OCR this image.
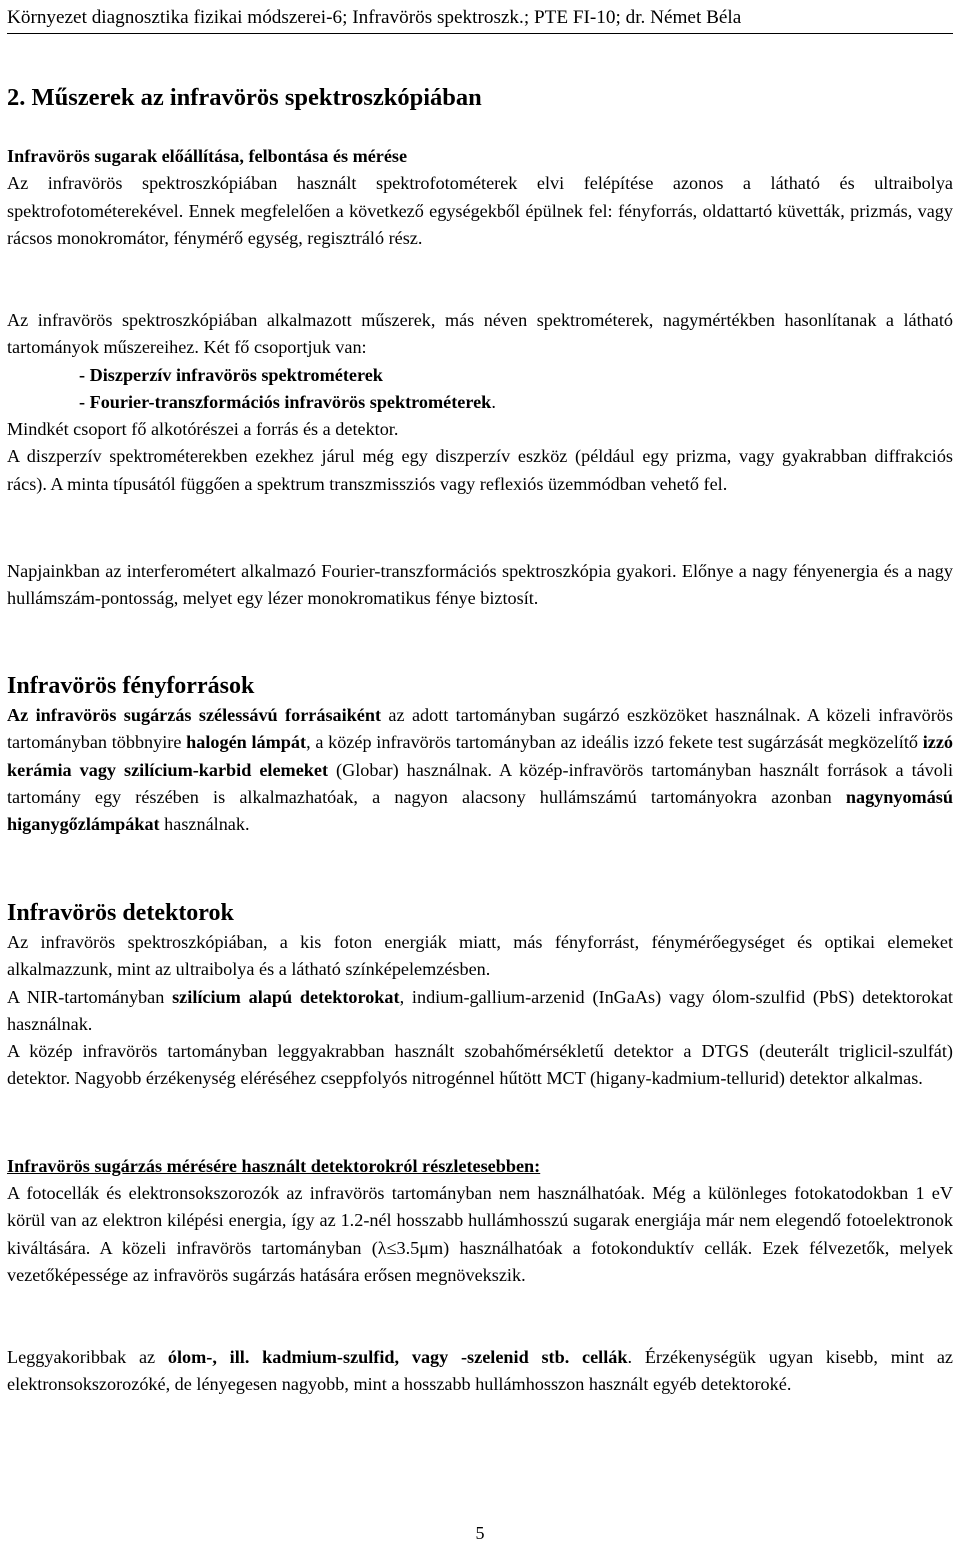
Környezet diagnosztika fizikai módszerei-6; Infravörös spektroszk.; PTE FI-10; dr. Német Béla
2. Műszerek az infravörös spektroszkópiában

Infravörös sugarak előállítása, felbontása és mérése

Az infravörös spektroszkópiában használt spektrofotométerek elvi felépítése azonos a látható és ultraibolya spektrofotométerekével. Ennek megfelelően a következő egységekből épülnek fel: fényforrás, oldattartó küvetták, prizmás, vagy rácsos monokromátor, fénymérő egység, regisztráló rész.

Az infravörös spektroszkópiában alkalmazott műszerek, más néven spektrométerek, nagymértékben hasonlítanak a látható tartományok műszereihez. Két fő csoportjuk van:

- Diszperzív infravörös spektrométerek

- Fourier-transzformációs infravörös spektrométerek.

Mindkét csoport fő alkotórészei a forrás és a detektor.

A diszperzív spektrométerekben ezekhez járul még egy diszperzív eszköz (például egy prizma, vagy gyakrabban diffrakciós rács). A minta típusától függően a spektrum transzmissziós vagy reflexiós üzemmódban vehető fel.

Napjainkban az interferométert alkalmazó Fourier-transzformációs spektroszkópia gyakori. Előnye a nagy fényenergia és a nagy hullámszám-pontosság, melyet egy lézer monokromatikus fénye biztosít.
Infravörös fényforrások
Az infravörös sugárzás szélessávú forrásaiként az adott tartományban sugárzó eszközöket használnak. A közeli infravörös tartományban többnyire halogén lámpát, a közép infravörös tartományban az ideális izzó fekete test sugárzását megközelítő izzó kerámia vagy szilícium-karbid elemeket (Globar) használnak. A közép-infravörös tartományban használt források a távoli tartomány egy részében is alkalmazhatóak, a nagyon alacsony hullámszámú tartományokra azonban nagynyomású higanygőzlámpákat használnak.
Infravörös detektorok

Az infravörös spektroszkópiában, a kis foton energiák miatt, más fényforrást, fénymérőegységet és optikai elemeket alkalmazzunk, mint az ultraibolya és a látható színképelemzésben.

A NIR-tartományban szilícium alapú detektorokat, indium-gallium-arzenid (InGaAs) vagy ólom-szulfid (PbS) detektorokat használnak.

A közép infravörös tartományban leggyakrabban használt szobahőmérsékletű detektor a DTGS (deuterált triglicil-szulfát) detektor. Nagyobb érzékenység eléréséhez cseppfolyós nitrogénnel hűtött MCT (higany-kadmium-tellurid) detektor alkalmas.

Infravörös sugárzás mérésére használt detektorokról részletesebben:
A fotocellák és elektronsokszorozók az infravörös tartományban nem használhatóak. Még a különleges fotokatodokban 1 eV körül van az elektron kilépési energia, így az 1.2-nél hosszabb hullámhosszú sugarak energiája már nem elegendő fotoelektronok kiváltására. A közeli infravörös tartományban (λ≤3.5μm) használhatóak a fotokonduktív cellák. Ezek félvezetők, melyek vezetőképessége az infravörös sugárzás hatására erősen megnövekszik.
Leggyakoribbak az ólom-, ill. kadmium-szulfid, vagy -szelenid stb. cellák. Érzékenységük ugyan kisebb, mint az elektronsokszorozóké, de lényegesen nagyobb, mint a hosszabb hullámhosszon használt egyéb detektoroké.
5
